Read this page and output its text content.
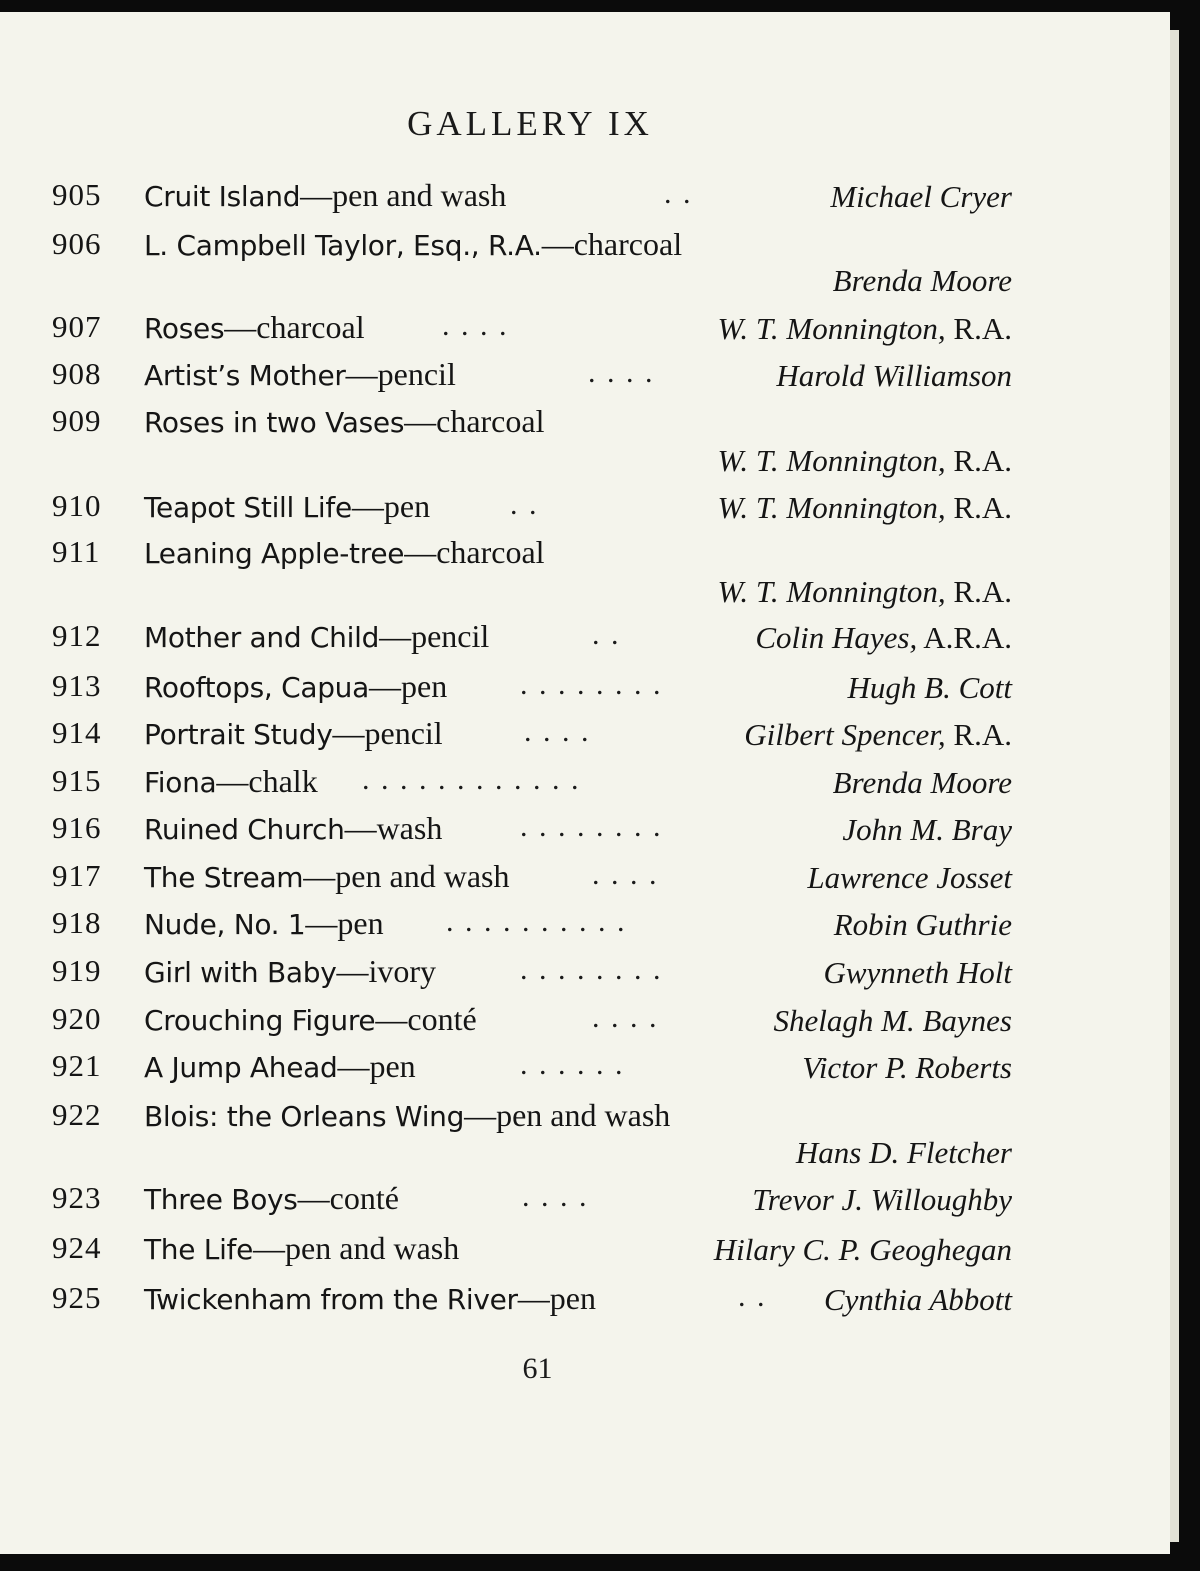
GALLERY IX
905 Cruit Island—pen and wash	. .	Michael Cryer
906 L. Campbell Taylor, Esq., R.A.—charcoal
Brenda Moore
907 Roses—charcoal	. . . .	W. T. Monnington, R.A.
908 Artist’s Mother—pencil	. . . .	Harold Williamson
909 Roses in two Vases—charcoal
W. T. Monnington, R.A.
910 Teapot Still Life—pen	. .	W. T. Monnington, R.A.
911 Leaning Apple-tree—charcoal
W. T. Monnington, R.A.
912 Mother and Child—pencil	. .	Colin Hayes, A.R.A.
913 Rooftops, Capua—pen . . . . . . . .	Hugh B. Cott
914 Portrait Study—pencil	. . . .	Gilbert Spencer, R.A.
915 Fiona—chalk . . . . . . . . . . . .	Brenda Moore
916 Ruined Church—wash	. . . . . . . .	John M. Bray
917 The Stream—pen and wash	. . . .	Lawrence Josset
918 Nude, No. 1—pen . . . . . . . . . .	Robin Guthrie
919 Girl with Baby—ivory	. . . . . . . .	Gwynneth Holt
920 Crouching Figure—conté	. . . .	Shelagh M. Baynes
921 A Jump Ahead—pen	. . . . . .	Victor P. Roberts
922 Blois: the Orleans Wing—pen and wash
Hans D. Fletcher
923 Three Boys—conté	. . . .	Trevor J. Willoughby
924 The Life—pen and wash	Hilary C. P. Geoghegan
925 Twickenham from the River—pen	. . Cynthia Abbott
61
